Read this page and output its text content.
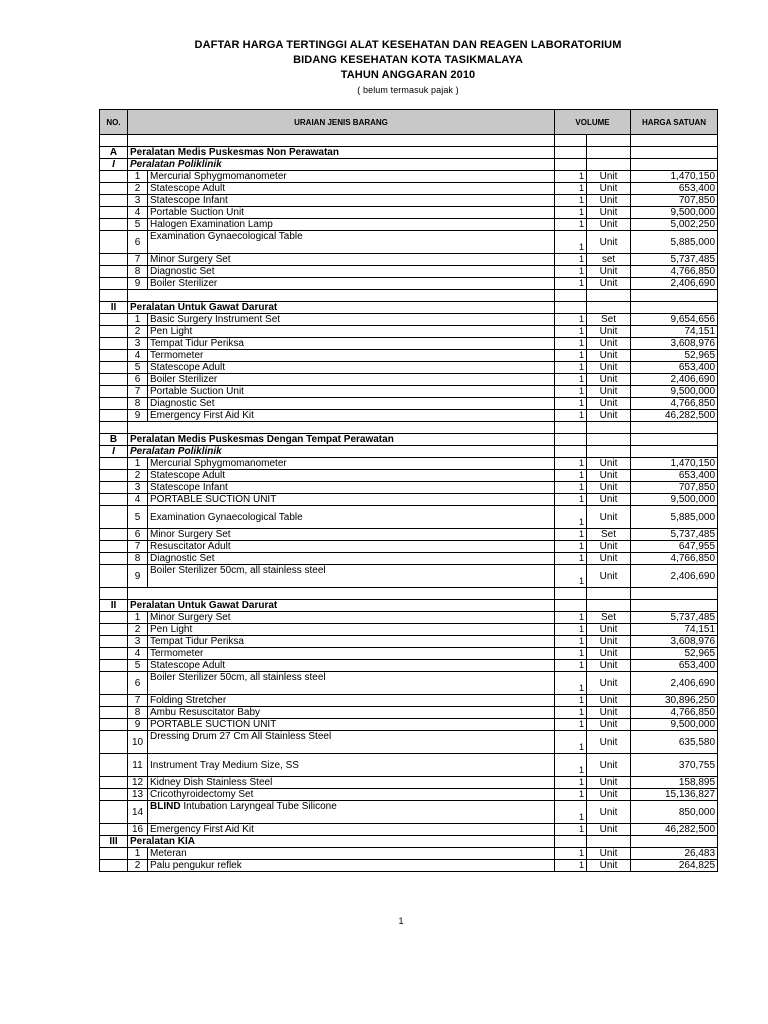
DAFTAR HARGA TERTINGGI ALAT KESEHATAN DAN REAGEN LABORATORIUM
BIDANG KESEHATAN KOTA TASIKMALAYA
TAHUN ANGGARAN 2010
( belum termasuk pajak )
NO.	URAIAN JENIS BARANG		VOLUME		HARGA SATUAN

A	Peralatan Medis Puskesmas Non Perawatan				
I	Peralatan Poliklinik				
	1	Mercurial Sphygmomanometer	1	Unit	1,470,150
	2	Statescope Adult	1	Unit	653,400
	3	Statescope Infant	1	Unit	707,850
	4	Portable Suction Unit	1	Unit	9,500,000
	5	Halogen Examination Lamp	1	Unit	5,002,250
	6	Examination Gynaecological Table	1	Unit	5,885,000
	7	Minor Surgery Set	1	set	5,737,485
	8	Diagnostic Set	1	Unit	4,766,850
	9	Boiler Sterilizer	1	Unit	2,406,690

II	Peralatan Untuk Gawat Darurat				
	1	Basic Surgery Instrument Set	1	Set	9,654,656
	2	Pen Light	1	Unit	74,151
	3	Tempat Tidur Periksa	1	Unit	3,608,976
	4	Termometer	1	Unit	52,965
	5	Statescope Adult	1	Unit	653,400
	6	Boiler Sterilizer	1	Unit	2,406,690
	7	Portable Suction Unit	1	Unit	9,500,000
	8	Diagnostic Set	1	Unit	4,766,850
	9	Emergency First Aid Kit	1	Unit	46,282,500

B	Peralatan Medis Puskesmas Dengan Tempat Perawatan				
I	Peralatan Poliklinik				
	1	Mercurial Sphygmomanometer	1	Unit	1,470,150
	2	Statescope Adult	1	Unit	653,400
	3	Statescope Infant	1	Unit	707,850
	4	PORTABLE SUCTION UNIT	1	Unit	9,500,000
	5	Examination Gynaecological Table	1	Unit	5,885,000
	6	Minor Surgery Set	1	Set	5,737,485
	7	Resuscitator Adult	1	Unit	647,955
	8	Diagnostic Set	1	Unit	4,766,850
	9	Boiler Sterilizer 50cm, all stainless steel	1	Unit	2,406,690

II	Peralatan Untuk Gawat Darurat				
	1	Minor Surgery Set	1	Set	5,737,485
	2	Pen Light	1	Unit	74,151
	3	Tempat Tidur Periksa	1	Unit	3,608,976
	4	Termometer	1	Unit	52,965
	5	Statescope Adult	1	Unit	653,400
	6	Boiler Sterilizer 50cm, all stainless steel	1	Unit	2,406,690
	7	Folding Stretcher	1	Unit	30,896,250
	8	Ambu Resuscitator Baby	1	Unit	4,766,850
	9	PORTABLE SUCTION UNIT	1	Unit	9,500,000
	10	Dressing Drum 27 Cm All Stainless Steel	1	Unit	635,580
	11	Instrument Tray Medium Size, SS	1	Unit	370,755
	12	Kidney Dish Stainless Steel	1	Unit	158,895
	13	Cricothyroidectomy Set	1	Unit	15,136,827
	14	BLIND Intubation Laryngeal Tube Silicone	1	Unit	850,000
	16	Emergency First Aid Kit	1	Unit	46,282,500
III	Peralatan KIA				
	1	Meteran	1	Unit	26,483
	2	Palu pengukur reflek	1	Unit	264,825
1
